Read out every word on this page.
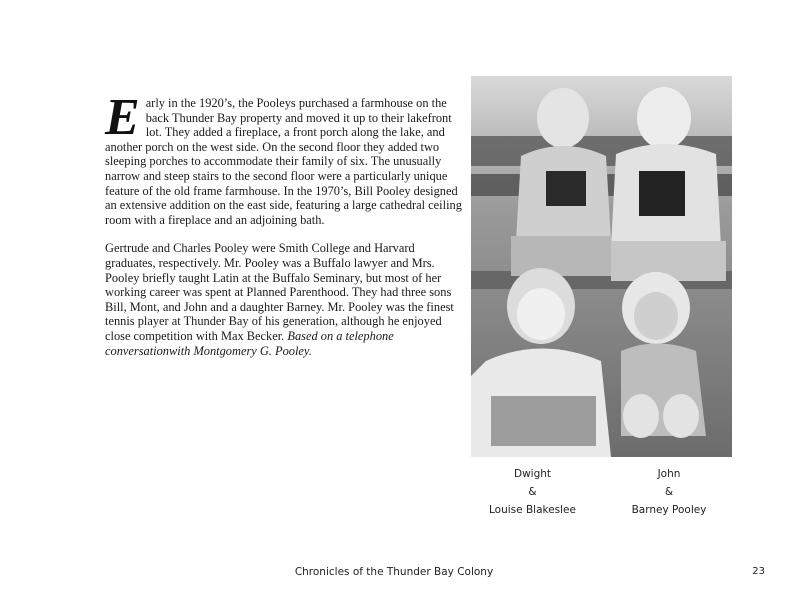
E arly in the 1920’s, the Pooleys purchased a farmhouse on the back Thunder Bay property and moved it up to their lakefront lot. They added a fireplace, a front porch along the lake, and another porch on the west side. On the second floor they added two sleeping porches to accommodate their family of six. The unusually narrow and steep stairs to the second floor were a particularly unique feature of the old frame farmhouse. In the 1970’s, Bill Pooley designed an extensive addition on the east side, featuring a large cathedral ceiling room with a fireplace and an adjoining bath.

Gertrude and Charles Pooley were Smith College and Harvard graduates, respectively. Mr. Pooley was a Buffalo lawyer and Mrs. Pooley briefly taught Latin at the Buffalo Seminary, but most of her working career was spent at Planned Parenthood. They had three sons Bill, Mont, and John and a daughter Barney. Mr. Pooley was the finest tennis player at Thunder Bay of his generation, although he enjoyed close competition with Max Becker. Based on a telephone conversationwith Montgomery G. Pooley.

Dwight
&
Louise Blakeslee
John
&
Barney Pooley
Chronicles of the Thunder Bay Colony	23
